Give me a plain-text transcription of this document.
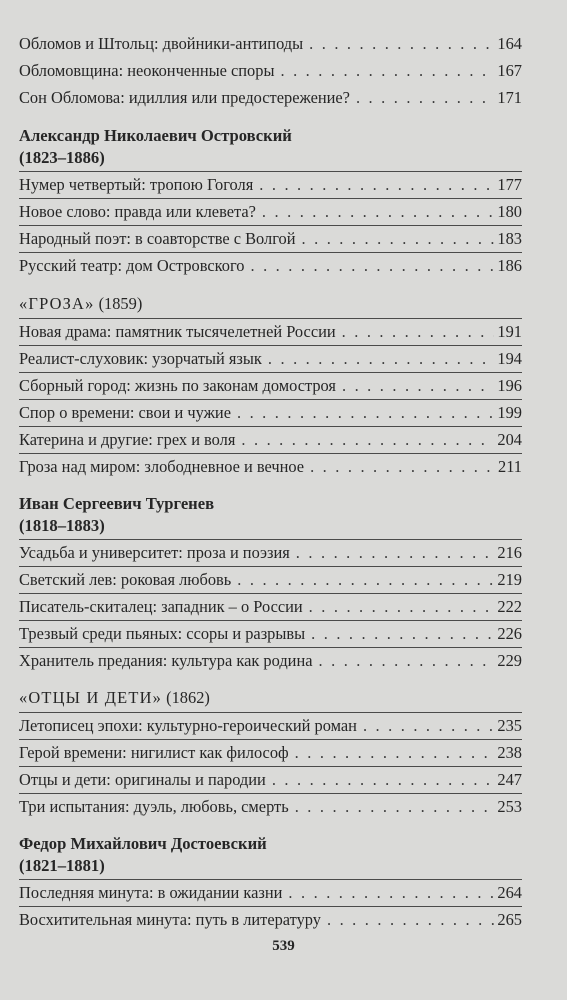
Обломов и Штольц: двойники-антиподы . . .	164
Обломовщина: неоконченные споры . . .	167
Сон Обломова: идиллия или предостережение? . . .	171
Александр Николаевич Островский
(1823–1886)
Нумер четвертый: тропою Гоголя . . .	177
Новое слово: правда или клевета? . . .	180
Народный поэт: в соавторстве с Волгой . . .	183
Русский театр: дом Островского . . .	186
«ГРОЗА» (1859)
Новая драма: памятник тысячелетней России . . .	191
Реалист-слуховик: узорчатый язык . . .	194
Сборный город: жизнь по законам домостроя . . .	196
Спор о времени: свои и чужие . . .	199
Катерина и другие: грех и воля . . .	204
Гроза над миром: злободневное и вечное . . .	211
Иван Сергеевич Тургенев
(1818–1883)
Усадьба и университет: проза и поэзия . . .	216
Светский лев: роковая любовь . . .	219
Писатель-скиталец: западник – о России . . .	222
Трезвый среди пьяных: ссоры и разрывы . . .	226
Хранитель предания: культура как родина . . .	229
«ОТЦЫ И ДЕТИ» (1862)
Летописец эпохи: культурно-героический роман . . .	235
Герой времени: нигилист как философ . . .	238
Отцы и дети: оригиналы и пародии . . .	247
Три испытания: дуэль, любовь, смерть . . .	253
Федор Михайлович Достоевский
(1821–1881)
Последняя минута: в ожидании казни . . .	264
Восхитительная минута: путь в литературу . . .	265
539
